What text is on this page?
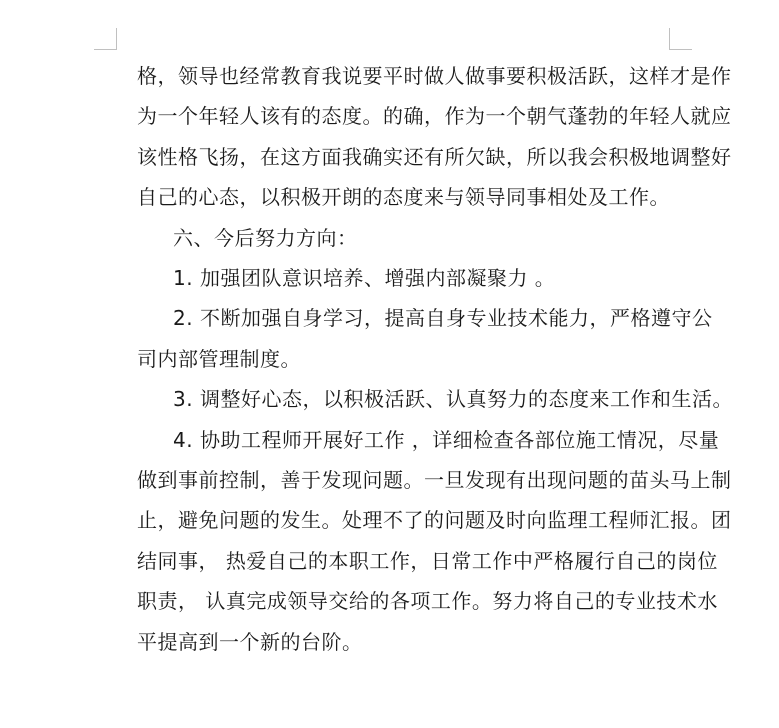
格，领导也经常教育我说要平时做人做事要积极活跃，这样才是作

为一个年轻人该有的态度。的确，作为一个朝气蓬勃的年轻人就应

该性格飞扬，在这方面我确实还有所欠缺，所以我会积极地调整好

自己的心态，以积极开朗的态度来与领导同事相处及工作。

六、今后努力方向：

1. 加强团队意识培养、增强内部凝聚力 。

2. 不断加强自身学习，提高自身专业技术能力，严格遵守公

司内部管理制度。

3. 调整好心态，以积极活跃、认真努力的态度来工作和生活。

4. 协助工程师开展好工作 ，详细检查各部位施工情况，尽量

做到事前控制，善于发现问题。一旦发现有出现问题的苗头马上制

止，避免问题的发生。处理不了的问题及时向监理工程师汇报。团

结同事， 热爱自己的本职工作，日常工作中严格履行自己的岗位

职责， 认真完成领导交给的各项工作。努力将自己的专业技术水

平提高到一个新的台阶。
